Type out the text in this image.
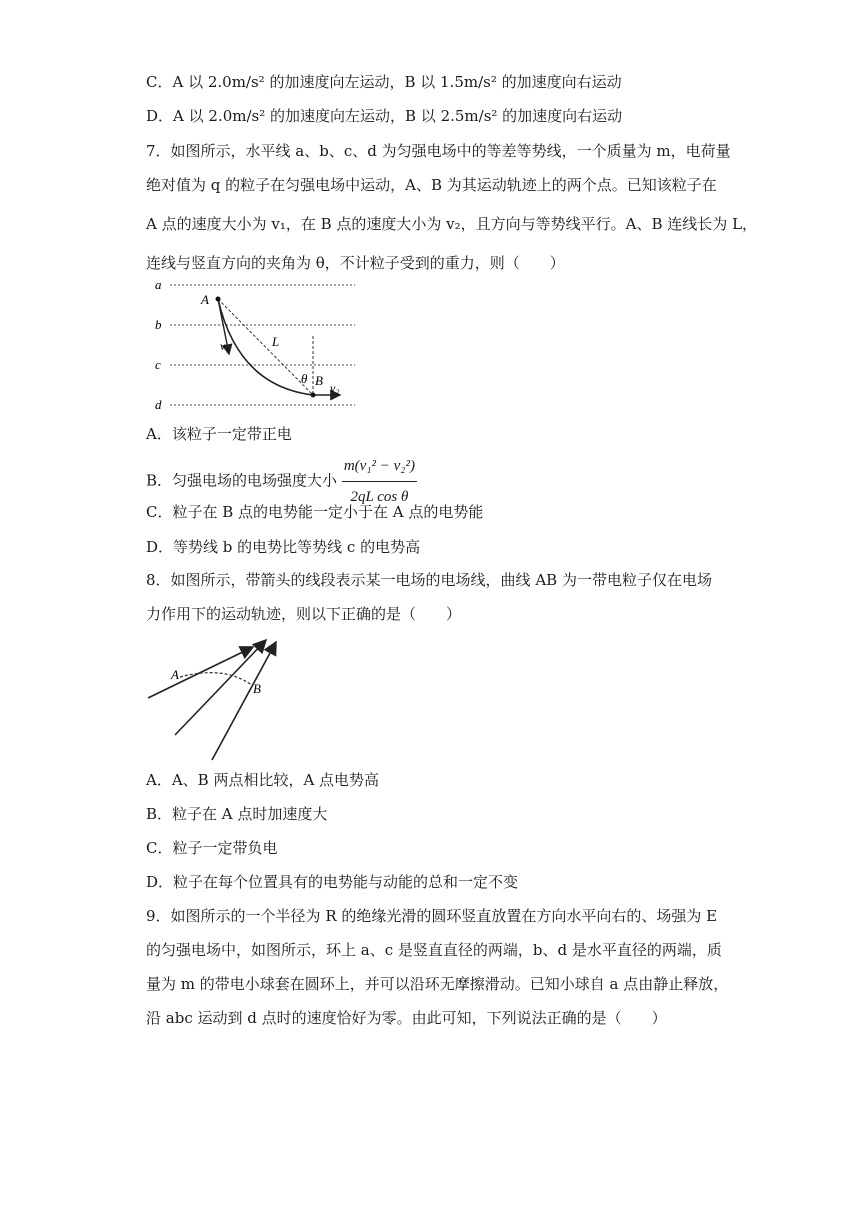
C．A 以 2.0m/s² 的加速度向左运动，B 以 1.5m/s² 的加速度向右运动
D．A 以 2.0m/s² 的加速度向左运动，B 以 2.5m/s² 的加速度向右运动
7．如图所示，水平线 a、b、c、d 为匀强电场中的等差等势线，一个质量为 m，电荷量
绝对值为 q 的粒子在匀强电场中运动，A、B 为其运动轨迹上的两个点。已知该粒子在
A 点的速度大小为 v₁，在 B 点的速度大小为 v₂，且方向与等势线平行。A、B 连线长为 L，
连线与竖直方向的夹角为 θ，不计粒子受到的重力，则（　　）
a
b
c
d
A
B
L
θ
v₁
v₂
A．该粒子一定带正电
B．匀强电场的电场强度大小 $\frac{\text{m(v₁² − v₂²)}}{\text{2qL cos θ}}$
C．粒子在 B 点的电势能一定小于在 A 点的电势能
D．等势线 b 的电势比等势线 c 的电势高
8．如图所示，带箭头的线段表示某一电场的电场线，曲线 AB 为一带电粒子仅在电场
力作用下的运动轨迹，则以下正确的是（　　）
A
B
A．A、B 两点相比较，A 点电势高
B．粒子在 A 点时加速度大
C．粒子一定带负电
D．粒子在每个位置具有的电势能与动能的总和一定不变
9．如图所示的一个半径为 R 的绝缘光滑的圆环竖直放置在方向水平向右的、场强为 E
的匀强电场中，如图所示，环上 a、c 是竖直直径的两端，b、d 是水平直径的两端，质
量为 m 的带电小球套在圆环上，并可以沿环无摩擦滑动。已知小球自 a 点由静止释放，
沿 abc 运动到 d 点时的速度恰好为零。由此可知，下列说法正确的是（　　）
